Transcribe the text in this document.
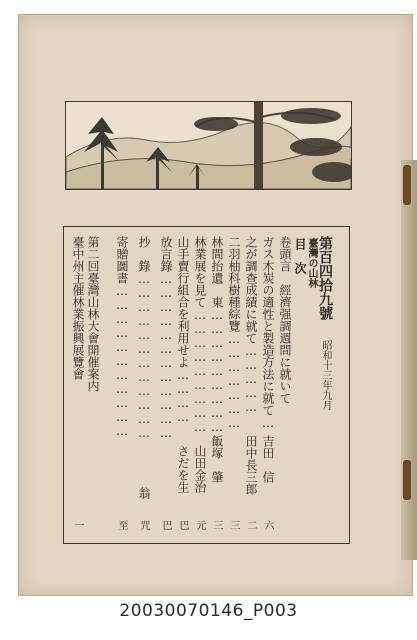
臺灣の山林 第百四拾九號
昭和十三年九月
目　次
卷頭言　經濟强調週間に就いて
ガス木炭の適性と製造方法に就て…
之が調查成績に就て……………
二羽柚科樹種綜覽…………………
林間抬遺　東………………………
林業展を見て………………………
山手賣行組合を利用せよ…………
放言錄………………………………
抄　錄………………………………
寄贈圖書……………………………
第二回臺灣山林大會開催案内
臺中州主催林業振興展覽會
吉田　信
田中長三郎
飯塚　肇
山田金治
さだを生
翁
六
二
三
三
元
巴
巴
咒
至
一
20030070146_P003
